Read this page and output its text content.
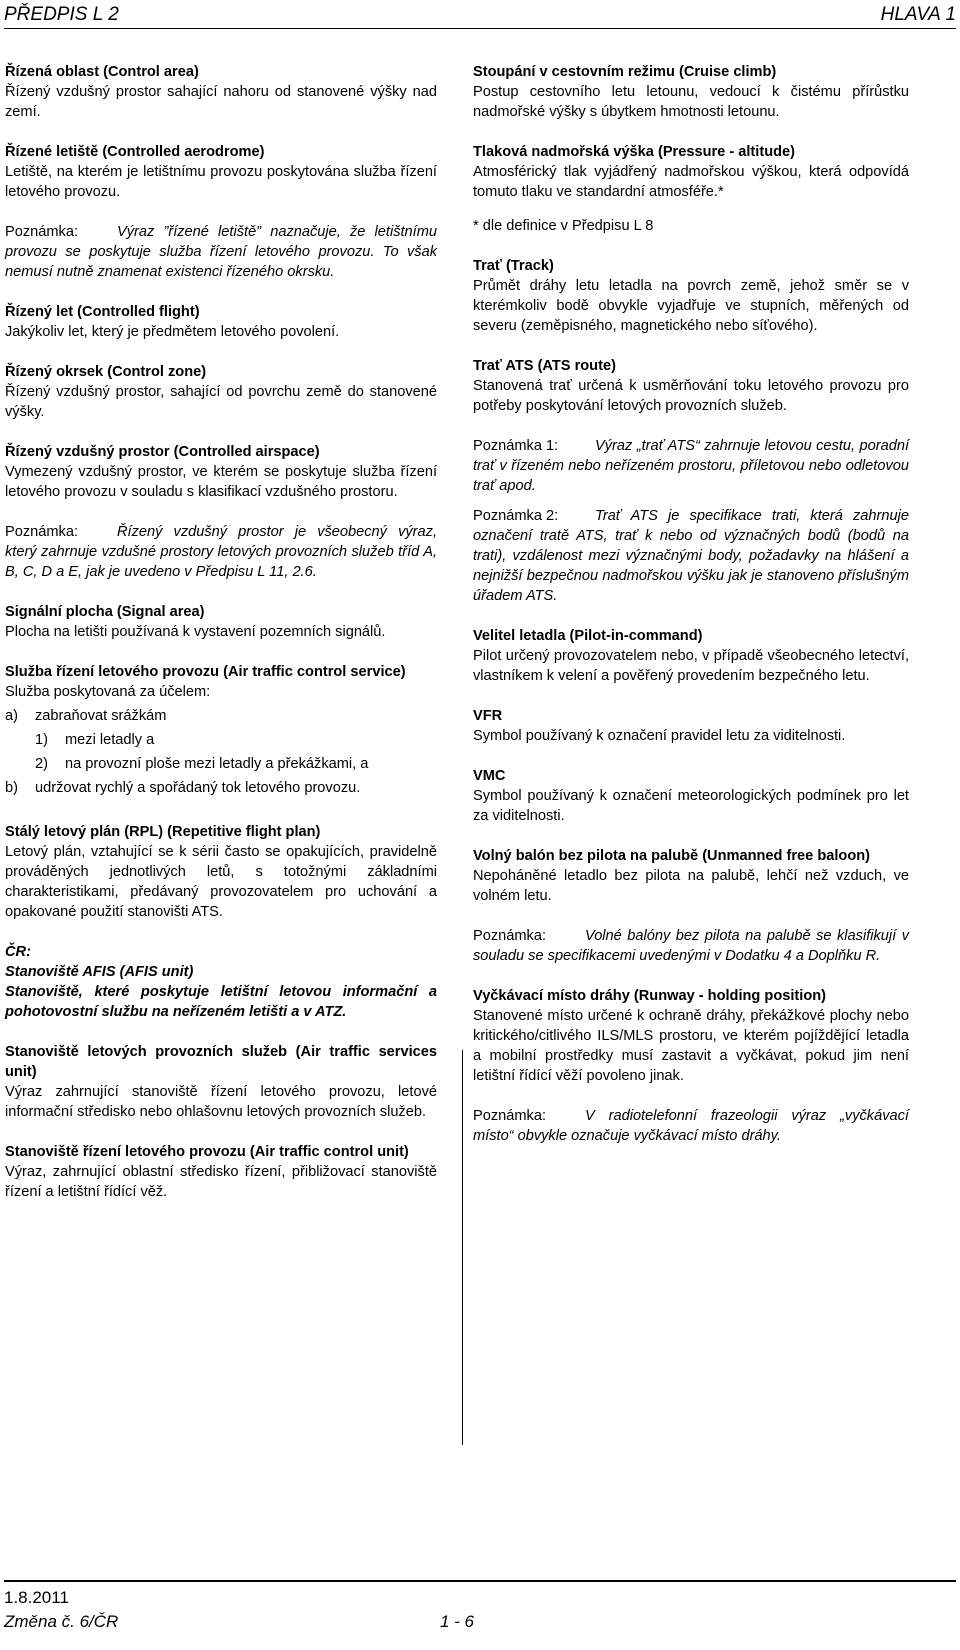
PŘEDPIS L 2	HLAVA 1
Řízená oblast (Control area)
Řízený vzdušný prostor sahající nahoru od stanovené výšky nad zemí.
Řízené letiště (Controlled aerodrome)
Letiště, na kterém je letištnímu provozu poskytována služba řízení letového provozu.
Poznámka:	Výraz ”řízené letiště” naznačuje, že letištnímu provozu se poskytuje služba řízení letového provozu. To však nemusí nutně znamenat existenci řízeného okrsku.
Řízený let (Controlled flight)
Jakýkoliv let, který je předmětem letového povolení.
Řízený okrsek (Control zone)
Řízený vzdušný prostor, sahající od povrchu země do stanovené výšky.
Řízený vzdušný prostor (Controlled airspace)
Vymezený vzdušný prostor, ve kterém se poskytuje služba řízení letového provozu v souladu s klasifikací vzdušného prostoru.
Poznámka:	Řízený vzdušný prostor je všeobecný výraz, který zahrnuje vzdušné prostory letových provozních služeb tříd A, B, C, D a E, jak je uvedeno v Předpisu L 11, 2.6.
Signální plocha (Signal area)
Plocha na letišti používaná k vystavení pozemních signálů.
Služba řízení letového provozu (Air traffic control service)
Služba poskytovaná za účelem:
a)	zabraňovat srážkám
1)	mezi letadly a
2)	na provozní ploše mezi letadly a překážkami, a
b)	udržovat rychlý a spořádaný tok letového provozu.
Stálý letový plán (RPL) (Repetitive flight plan)
Letový plán, vztahující se k sérii často se opakujících, pravidelně prováděných jednotlivých letů, s totožnými základními charakteristikami, předávaný provozovatelem pro uchování a opakované použití stanovišti ATS.
ČR:
Stanoviště AFIS (AFIS unit)
Stanoviště, které poskytuje letištní letovou informační a pohotovostní službu na neřízeném letišti a v ATZ.
Stanoviště letových provozních služeb (Air traffic services unit)
Výraz zahrnující stanoviště řízení letového provozu, letové informační středisko nebo ohlašovnu letových provozních služeb.
Stanoviště řízení letového provozu (Air traffic control unit)
Výraz, zahrnující oblastní středisko řízení, přibližovací stanoviště řízení a letištní řídící věž.
Stoupání v cestovním režimu (Cruise climb)
Postup cestovního letu letounu, vedoucí k čistému přírůstku nadmořské výšky s úbytkem hmotnosti letounu.
Tlaková nadmořská výška (Pressure - altitude)
Atmosférický tlak vyjádřený nadmořskou výškou, která odpovídá tomuto tlaku ve standardní atmosféře.*
* dle definice v Předpisu L 8
Trať (Track)
Průmět dráhy letu letadla na povrch země, jehož směr se v kterémkoliv bodě obvykle vyjadřuje ve stupních, měřených od severu (zeměpisného, magnetického nebo síťového).
Trať ATS (ATS route)
Stanovená trať určená k usměrňování toku letového provozu pro potřeby poskytování letových provozních služeb.
Poznámka 1:	Výraz „trať ATS“ zahrnuje letovou cestu, poradní trať v řízeném nebo neřízeném prostoru, příletovou nebo odletovou trať apod.
Poznámka 2:	Trať ATS je specifikace trati, která zahrnuje označení tratě ATS, trať k nebo od význačných bodů (bodů na trati), vzdálenost mezi význačnými body, požadavky na hlášení a nejnižší bezpečnou nadmořskou výšku jak je stanoveno příslušným úřadem ATS.
Velitel letadla (Pilot-in-command)
Pilot určený provozovatelem nebo, v případě všeobecného letectví, vlastníkem k velení a pověřený provedením bezpečného letu.
VFR
Symbol používaný k označení pravidel letu za viditelnosti.
VMC
Symbol používaný k označení meteorologických podmínek pro let za viditelnosti.
Volný balón bez pilota na palubě (Unmanned free baloon)
Nepoháněné letadlo bez pilota na palubě, lehčí než vzduch, ve volném letu.
Poznámka:	Volné balóny bez pilota na palubě se klasifikují v souladu se specifikacemi uvedenými v Dodatku 4 a Doplňku R.
Vyčkávací místo dráhy (Runway - holding position)
Stanovené místo určené k ochraně dráhy, překážkové plochy nebo kritického/citlivého ILS/MLS prostoru, ve kterém pojíždějící letadla a mobilní prostředky musí zastavit a vyčkávat, pokud jim není letištní řídící věží povoleno jinak.
Poznámka:	V radiotelefonní frazeologii výraz „vyčkávací místo“ obvykle označuje vyčkávací místo dráhy.
1.8.2011
Změna č. 6/ČR	1 - 6
